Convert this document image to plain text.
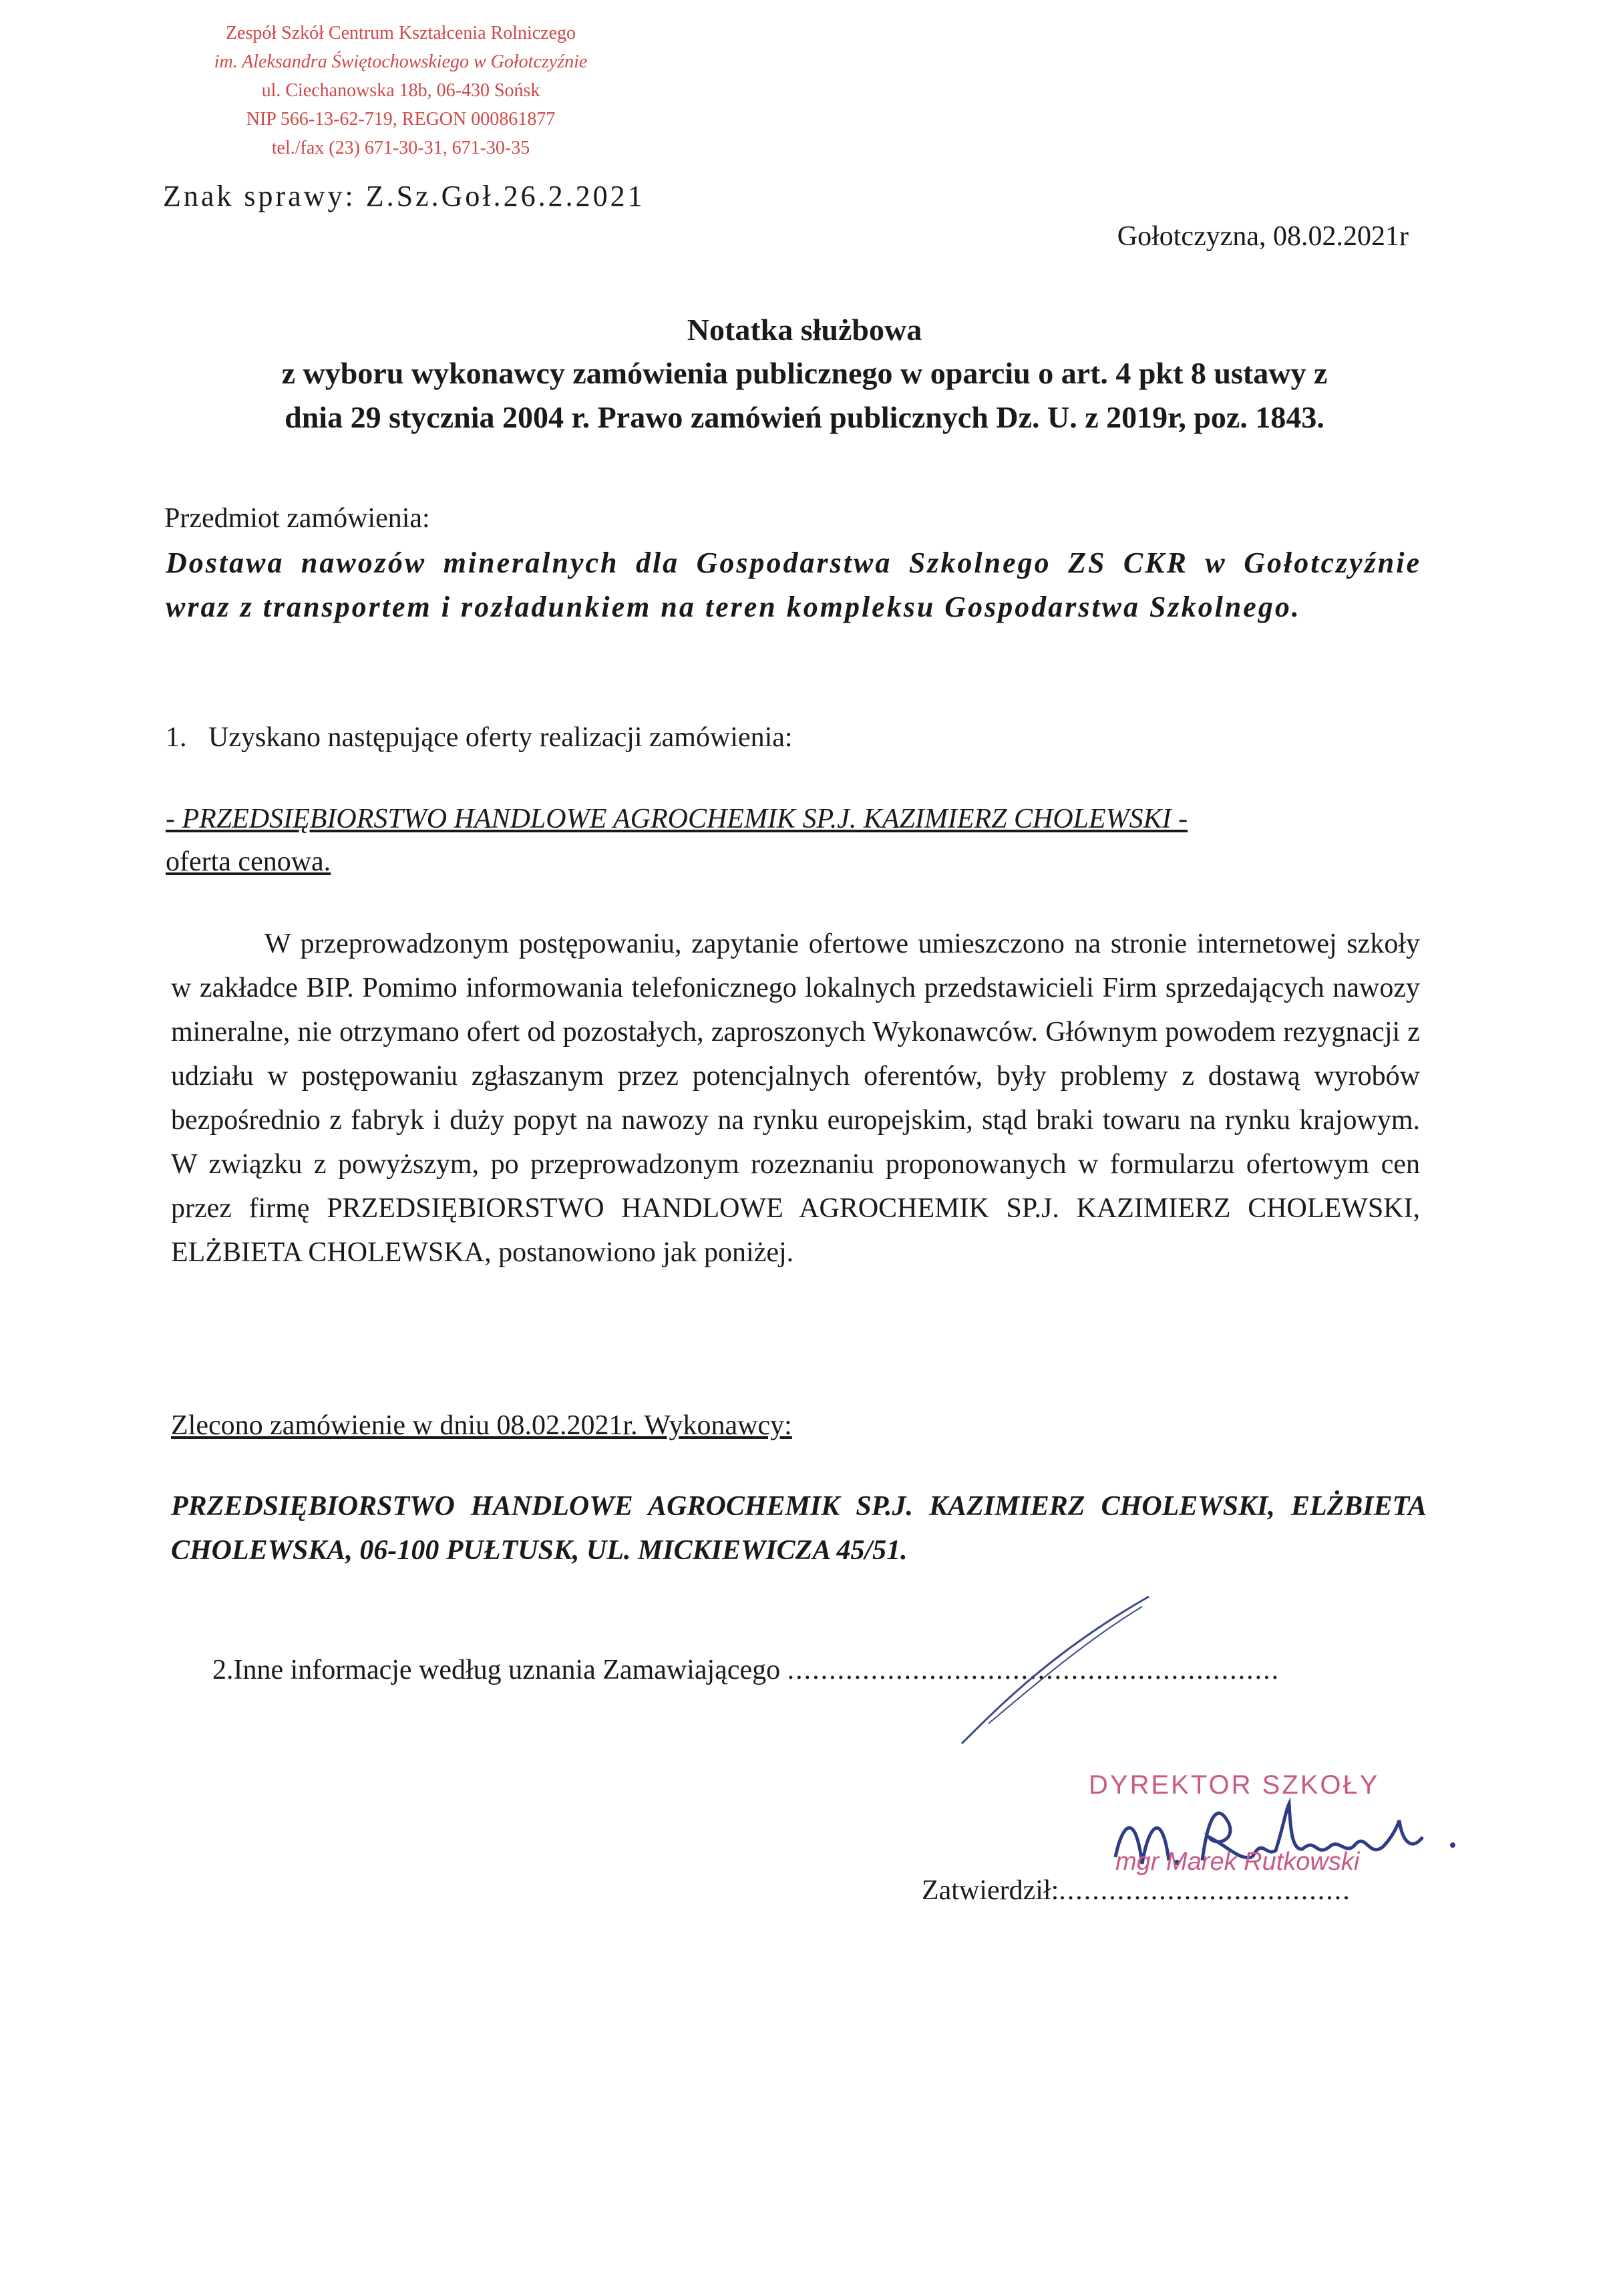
Zespół Szkół Centrum Kształcenia Rolniczego
im. Aleksandra Świętochowskiego w Gołotczyźnie
ul. Ciechanowska 18b, 06-430 Sońsk
NIP 566-13-62-719, REGON 000861877
tel./fax (23) 671-30-31, 671-30-35
Znak sprawy: Z.Sz.Goł.26.2.2021
Gołotczyzna, 08.02.2021r
Notatka służbowa
z wyboru wykonawcy zamówienia publicznego w oparciu o art. 4 pkt 8 ustawy z
dnia 29 stycznia 2004 r. Prawo zamówień publicznych Dz. U. z 2019r, poz. 1843.
Przedmiot zamówienia:
Dostawa nawozów mineralnych dla Gospodarstwa Szkolnego ZS CKR w Gołotczyźnie wraz z transportem i rozładunkiem na teren kompleksu Gospodarstwa Szkolnego.
1. Uzyskano następujące oferty realizacji zamówienia:
- PRZEDSIĘBIORSTWO HANDLOWE AGROCHEMIK SP.J. KAZIMIERZ CHOLEWSKI -
oferta cenowa.
W przeprowadzonym postępowaniu, zapytanie ofertowe umieszczono na stronie internetowej szkoły w zakładce BIP. Pomimo informowania telefonicznego lokalnych przedstawicieli Firm sprzedających nawozy mineralne, nie otrzymano ofert od pozostałych, zaproszonych Wykonawców. Głównym powodem rezygnacji z udziału w postępowaniu zgłaszanym przez potencjalnych oferentów, były problemy z dostawą wyrobów bezpośrednio z fabryk i duży popyt na nawozy na rynku europejskim, stąd braki towaru na rynku krajowym. W związku z powyższym, po przeprowadzonym rozeznaniu proponowanych w formularzu ofertowym cen przez firmę PRZEDSIĘBIORSTWO HANDLOWE AGROCHEMIK SP.J. KAZIMIERZ CHOLEWSKI, ELŻBIETA CHOLEWSKA, postanowiono jak poniżej.
Zlecono zamówienie w dniu 08.02.2021r. Wykonawcy:
PRZEDSIĘBIORSTWO HANDLOWE AGROCHEMIK SP.J. KAZIMIERZ CHOLEWSKI, ELŻBIETA CHOLEWSKA, 06-100 PUŁTUSK, UL. MICKIEWICZA 45/51.
2.Inne informacje według uznania Zamawiającego ...........................................................
DYREKTOR SZKOŁY
mgr Marek Rutkowski
Zatwierdził:...................................
